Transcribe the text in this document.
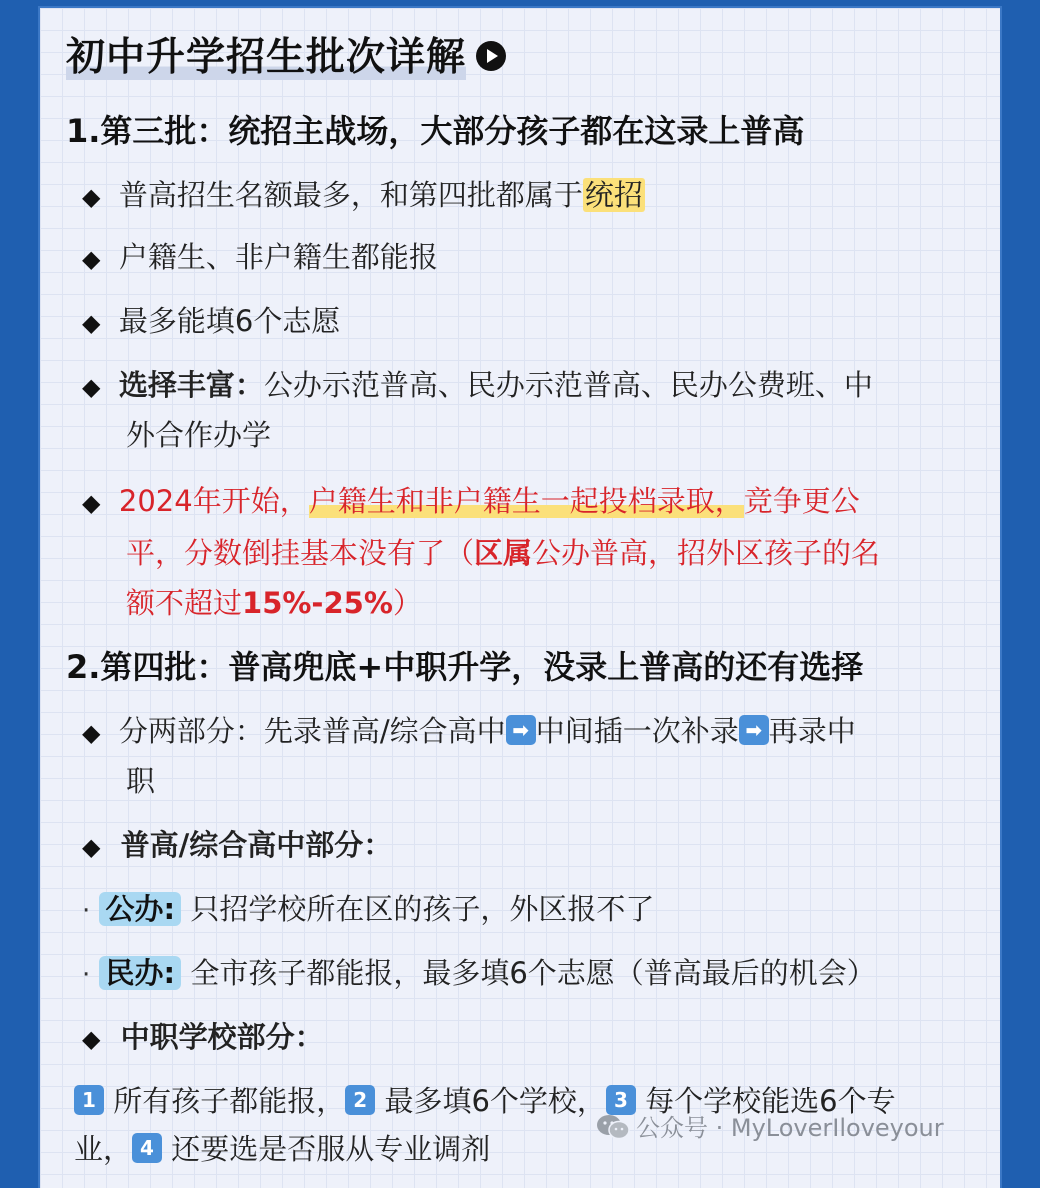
初中升学招生批次详解
1.第三批：统招主战场，大部分孩子都在这录上普高
◆ 普高招生名额最多，和第四批都属于统招
◆ 户籍生、非户籍生都能报
◆ 最多能填6个志愿
◆ 选择丰富：公办示范普高、民办示范普高、民办公费班、中
外合作办学
◆ 2024年开始，户籍生和非户籍生一起投档录取，竞争更公
平，分数倒挂基本没有了（区属公办普高，招外区孩子的名
额不超过15%-25%）
2.第四批：普高兜底+中职升学，没录上普高的还有选择
◆ 分两部分：先录普高/综合高中 ➡ 中间插一次补录 ➡ 再录中
职
◆ 普高/综合高中部分：
· 公办: 只招学校所在区的孩子，外区报不了
· 民办: 全市孩子都能报，最多填6个志愿（普高最后的机会）
◆ 中职学校部分：
1 所有孩子都能报， 2 最多填6个学校， 3 每个学校能选6个专
业， 4 还要选是否服从专业调剂
公众号 · MyLoverIloveyour
